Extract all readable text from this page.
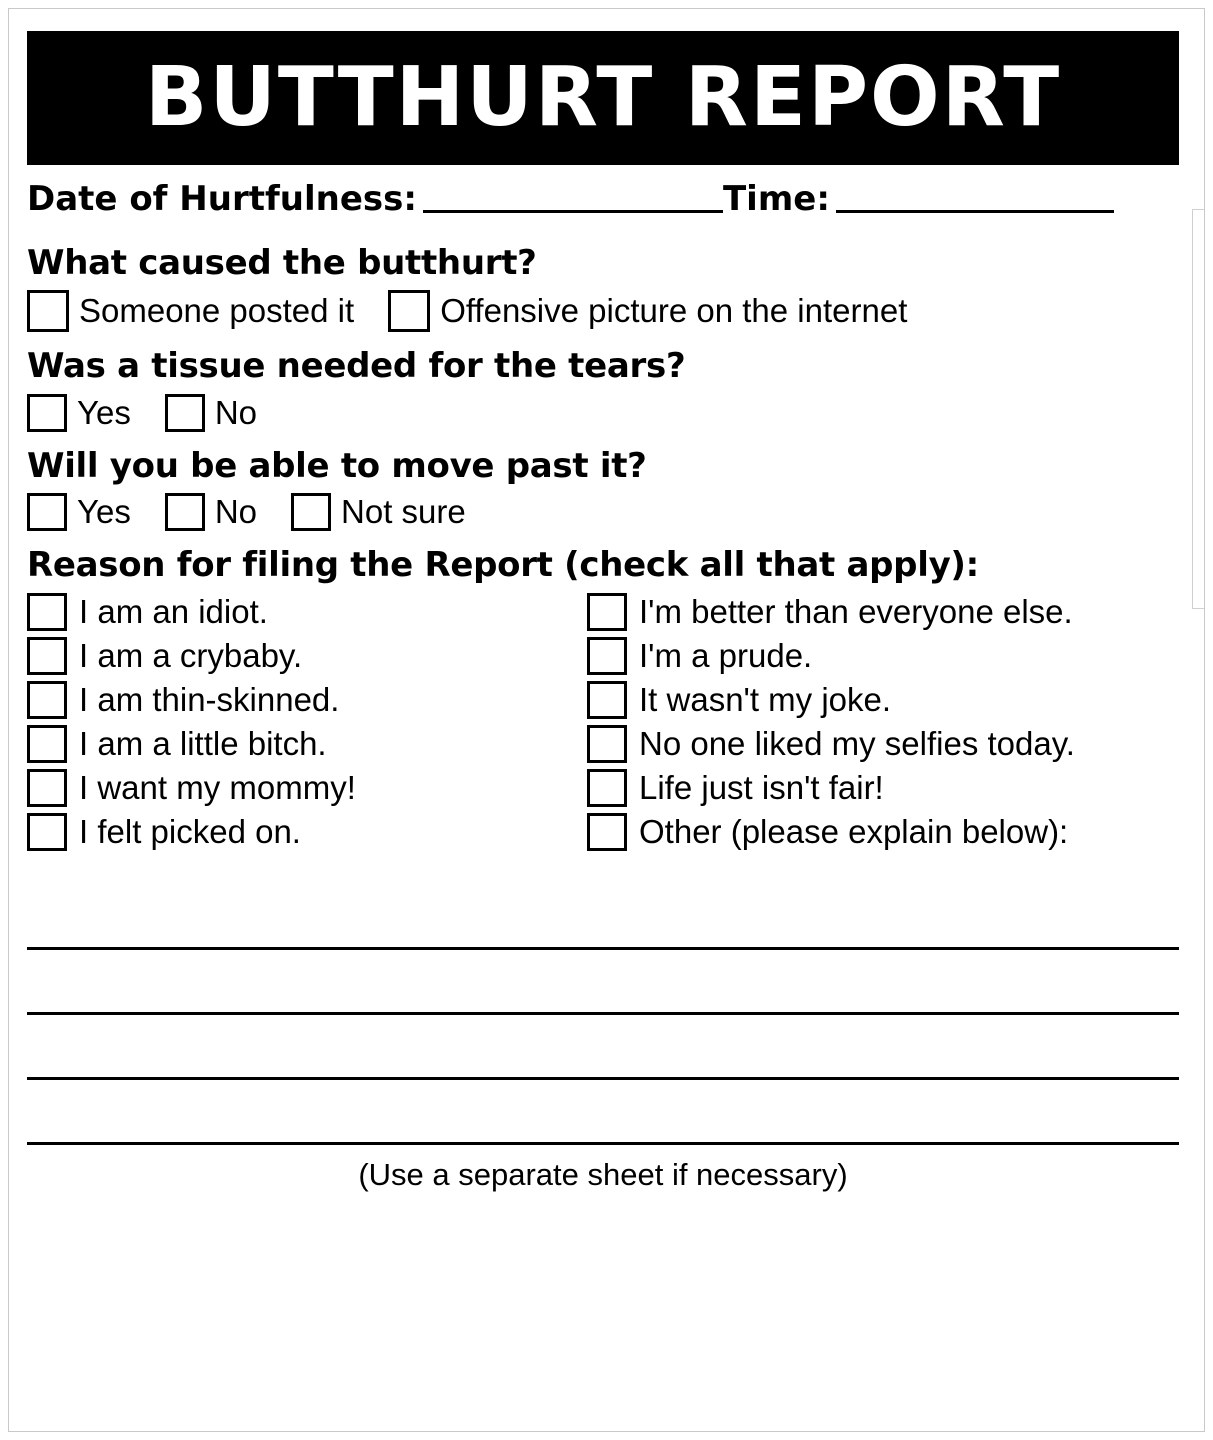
BUTTHURT REPORT
Date of Hurtfulness:	Time:
What caused the butthurt?
Someone posted it	Offensive picture on the internet
Was a tissue needed for the tears?
Yes	No
Will you be able to move past it?
Yes	No	Not sure
Reason for filing the Report (check all that apply):
I am an idiot.	I'm better than everyone else.
I am a crybaby.	I'm a prude.
I am thin-skinned.	It wasn't my joke.
I am a little bitch.	No one liked my selfies today.
I want my mommy!	Life just isn't fair!
I felt picked on.	Other (please explain below):
(Use a separate sheet if necessary)
